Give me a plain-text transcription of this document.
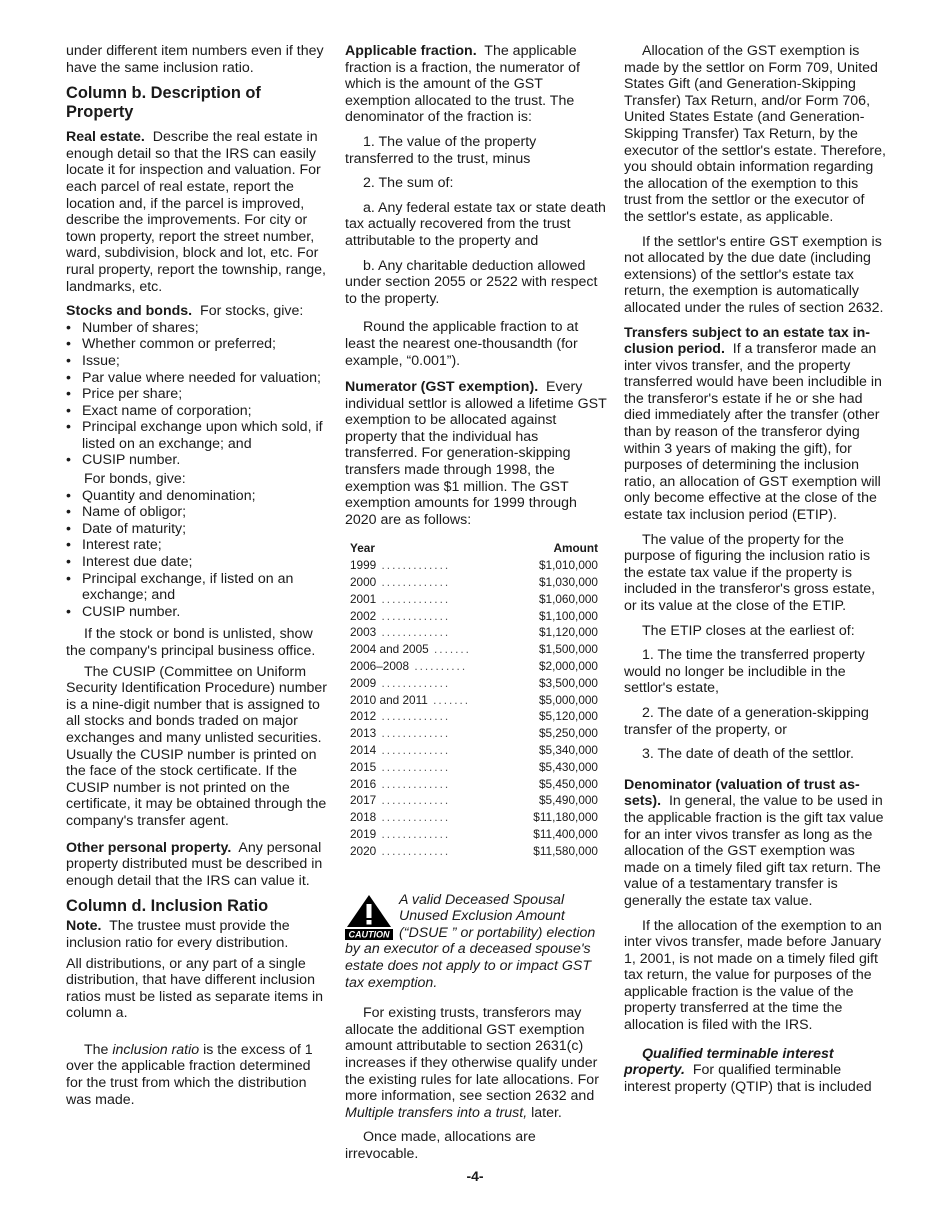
under different item numbers even if they have the same inclusion ratio.

Column b. Description of Property

Real estate. Describe the real estate in enough detail so that the IRS can easily locate it for inspection and valuation. For each parcel of real estate, report the location and, if the parcel is improved, describe the improvements. For city or town property, report the street number, ward, subdivision, block and lot, etc. For rural property, report the township, range, landmarks, etc.

Stocks and bonds. For stocks, give:

• Number of shares;
• Whether common or preferred;
• Issue;
• Par value where needed for valuation;
• Price per share;
• Exact name of corporation;
• Principal exchange upon which sold, if listed on an exchange; and
• CUSIP number.

For bonds, give:

• Quantity and denomination;
• Name of obligor;
• Date of maturity;
• Interest rate;
• Interest due date;
• Principal exchange, if listed on an exchange; and
• CUSIP number.

If the stock or bond is unlisted, show the company's principal business office.

The CUSIP (Committee on Uniform Security Identification Procedure) number is a nine-digit number that is assigned to all stocks and bonds traded on major exchanges and many unlisted securities. Usually the CUSIP number is printed on the face of the stock certificate. If the CUSIP number is not printed on the certificate, it may be obtained through the company's transfer agent.

Other personal property. Any personal property distributed must be described in enough detail that the IRS can value it.

Column d. Inclusion Ratio

Note. The trustee must provide the inclusion ratio for every distribution.

All distributions, or any part of a single distribution, that have different inclusion ratios must be listed as separate items in column a.

The inclusion ratio is the excess of 1 over the applicable fraction determined for the trust from which the distribution was made.

Applicable fraction. The applicable fraction is a fraction, the numerator of which is the amount of the GST exemption allocated to the trust. The denominator of the fraction is:

1. The value of the property transferred to the trust, minus

2. The sum of:

a. Any federal estate tax or state death tax actually recovered from the trust attributable to the property and

b. Any charitable deduction allowed under section 2055 or 2522 with respect to the property.

Round the applicable fraction to at least the nearest one-thousandth (for example, “0.001”).

Numerator (GST exemption). Every individual settlor is allowed a lifetime GST exemption to be allocated against property that the individual has transferred. For generation-skipping transfers made through 1998, the exemption was $1 million. The GST exemption amounts for 1999 through 2020 are as follows:

Year	Amount
1999 .............	$1,010,000
2000 .............	$1,030,000
2001 .............	$1,060,000
2002 .............	$1,100,000
2003 .............	$1,120,000
2004 and 2005 .......	$1,500,000
2006–2008 ..........	$2,000,000
2009 .............	$3,500,000
2010 and 2011 .......	$5,000,000
2012 .............	$5,120,000
2013 .............	$5,250,000
2014 .............	$5,340,000
2015 .............	$5,430,000
2016 .............	$5,450,000
2017 .............	$5,490,000
2018 .............	$11,180,000
2019 .............	$11,400,000
2020 .............	$11,580,000
CAUTION
A valid Deceased Spousal Unused Exclusion Amount (“DSUE ” or portability) election by an executor of a deceased spouse's estate does not apply to or impact GST tax exemption.

For existing trusts, transferors may allocate the additional GST exemption amount attributable to section 2631(c) increases if they otherwise qualify under the existing rules for late allocations. For more information, see section 2632 and Multiple transfers into a trust, later.

Once made, allocations are irrevocable.

Allocation of the GST exemption is made by the settlor on Form 709, United States Gift (and Generation-Skipping Transfer) Tax Return, and/or Form 706, United States Estate (and Generation-Skipping Transfer) Tax Return, by the executor of the settlor's estate. Therefore, you should obtain information regarding the allocation of the exemption to this trust from the settlor or the executor of the settlor's estate, as applicable.

If the settlor's entire GST exemption is not allocated by the due date (including extensions) of the settlor's estate tax return, the exemption is automatically allocated under the rules of section 2632.

Transfers subject to an estate tax in-clusion period. If a transferor made an inter vivos transfer, and the property transferred would have been includible in the transferor's estate if he or she had died immediately after the transfer (other than by reason of the transferor dying within 3 years of making the gift), for purposes of determining the inclusion ratio, an allocation of GST exemption will only become effective at the close of the estate tax inclusion period (ETIP).

The value of the property for the purpose of figuring the inclusion ratio is the estate tax value if the property is included in the transferor's gross estate, or its value at the close of the ETIP.

The ETIP closes at the earliest of:

1. The time the transferred property would no longer be includible in the settlor's estate,

2. The date of a generation-skipping transfer of the property, or

3. The date of death of the settlor.

Denominator (valuation of trust as-sets). In general, the value to be used in the applicable fraction is the gift tax value for an inter vivos transfer as long as the allocation of the GST exemption was made on a timely filed gift tax return. The value of a testamentary transfer is generally the estate tax value.

If the allocation of the exemption to an inter vivos transfer, made before January 1, 2001, is not made on a timely filed gift tax return, the value for purposes of the applicable fraction is the value of the property transferred at the time the allocation is filed with the IRS.

Qualified terminable interest property. For qualified terminable interest property (QTIP) that is included

-4-
